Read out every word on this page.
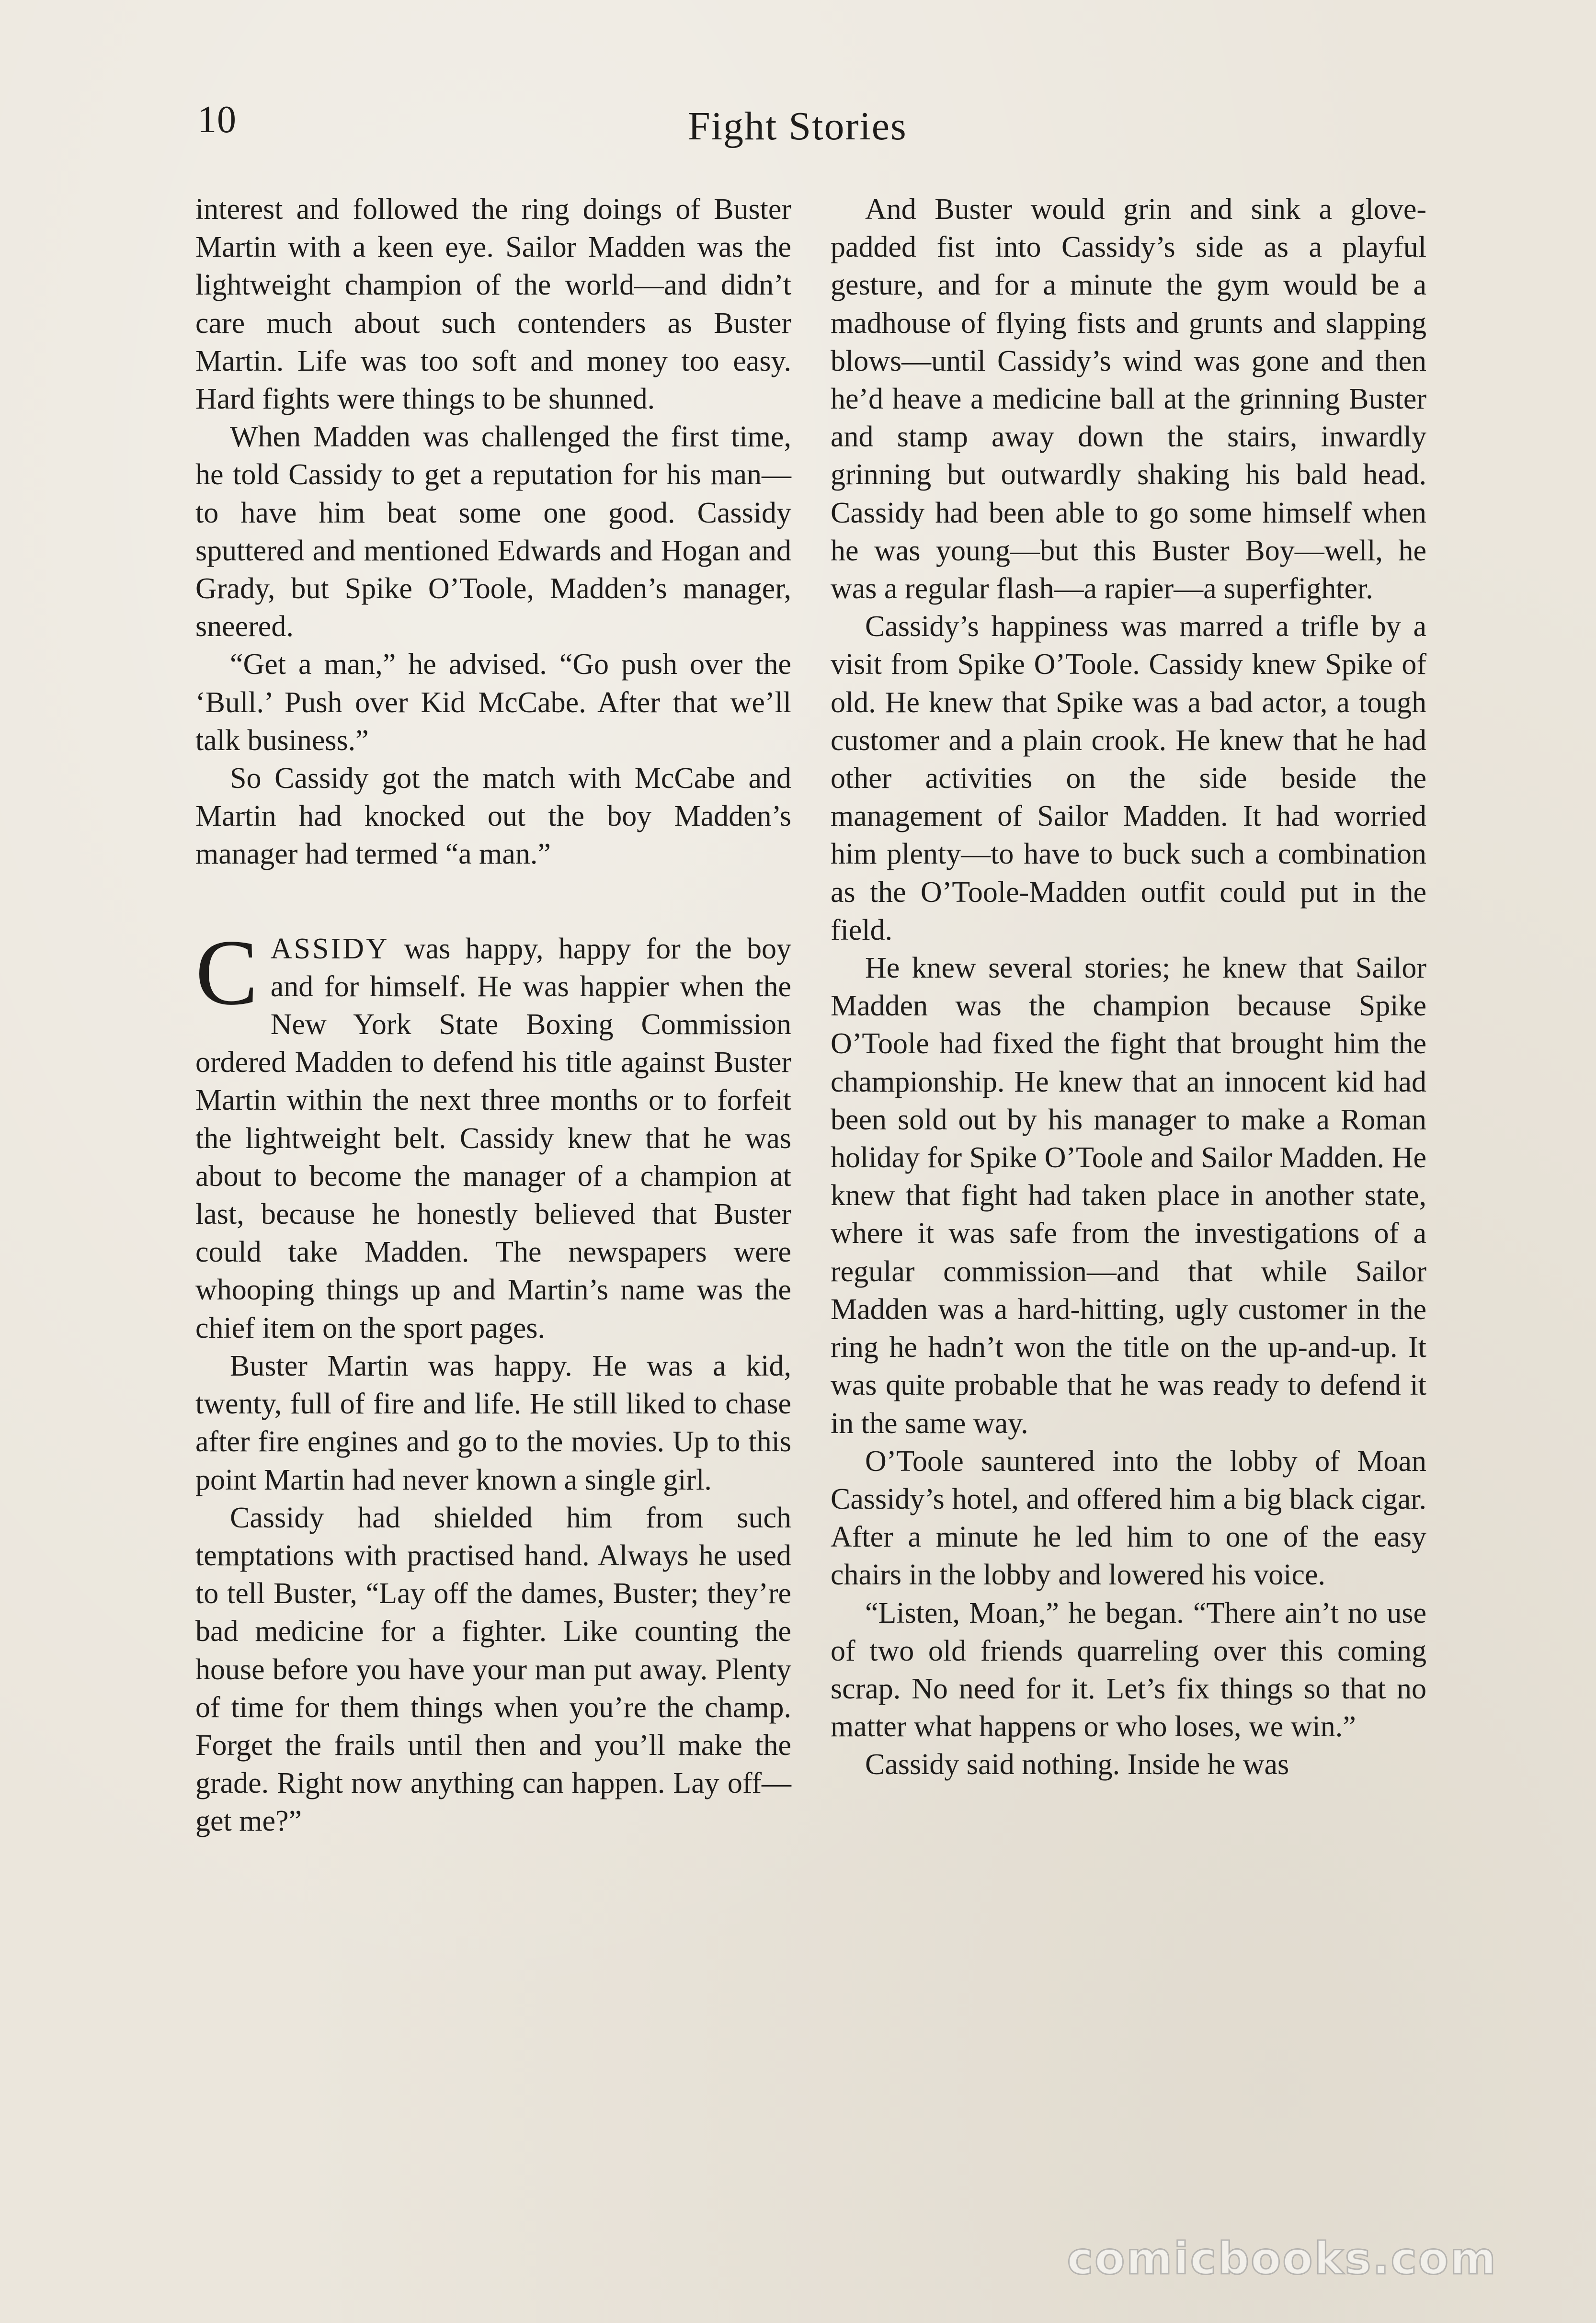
10	Fight Stories

interest and followed the ring doings of Buster Martin with a keen eye. Sailor Madden was the lightweight champion of the world—and didn’t care much about such contenders as Buster Martin. Life was too soft and money too easy. Hard fights were things to be shunned.

When Madden was challenged the first time, he told Cassidy to get a reputation for his man—to have him beat some one good. Cassidy sputtered and mentioned Edwards and Hogan and Grady, but Spike O’Toole, Madden’s manager, sneered.

“Get a man,” he advised. “Go push over the ‘Bull.’ Push over Kid McCabe. After that we’ll talk business.”

So Cassidy got the match with McCabe and Martin had knocked out the boy Madden’s manager had termed “a man.”

CASSIDY was happy, happy for the boy and for himself. He was happier when the New York State Boxing Commission ordered Madden to defend his title against Buster Martin within the next three months or to forfeit the lightweight belt. Cassidy knew that he was about to become the manager of a champion at last, because he honestly believed that Buster could take Madden. The newspapers were whooping things up and Martin’s name was the chief item on the sport pages.

Buster Martin was happy. He was a kid, twenty, full of fire and life. He still liked to chase after fire engines and go to the movies. Up to this point Martin had never known a single girl.

Cassidy had shielded him from such temptations with practised hand. Always he used to tell Buster, “Lay off the dames, Buster; they’re bad medicine for a fighter. Like counting the house before you have your man put away. Plenty of time for them things when you’re the champ. Forget the frails until then and you’ll make the grade. Right now anything can happen. Lay off—get me?”

And Buster would grin and sink a glove-padded fist into Cassidy’s side as a playful gesture, and for a minute the gym would be a madhouse of flying fists and grunts and slapping blows—until Cassidy’s wind was gone and then he’d heave a medicine ball at the grinning Buster and stamp away down the stairs, inwardly grinning but outwardly shaking his bald head. Cassidy had been able to go some himself when he was young—but this Buster Boy—well, he was a regular flash—a rapier—a superfighter.

Cassidy’s happiness was marred a trifle by a visit from Spike O’Toole. Cassidy knew Spike of old. He knew that Spike was a bad actor, a tough customer and a plain crook. He knew that he had other activities on the side beside the management of Sailor Madden. It had worried him plenty—to have to buck such a combination as the O’Toole-Madden outfit could put in the field.

He knew several stories; he knew that Sailor Madden was the champion because Spike O’Toole had fixed the fight that brought him the championship. He knew that an innocent kid had been sold out by his manager to make a Roman holiday for Spike O’Toole and Sailor Madden. He knew that fight had taken place in another state, where it was safe from the investigations of a regular commission—and that while Sailor Madden was a hard-hitting, ugly customer in the ring he hadn’t won the title on the up-and-up. It was quite probable that he was ready to defend it in the same way.

O’Toole sauntered into the lobby of Moan Cassidy’s hotel, and offered him a big black cigar. After a minute he led him to one of the easy chairs in the lobby and lowered his voice.

“Listen, Moan,” he began. “There ain’t no use of two old friends quarreling over this coming scrap. No need for it. Let’s fix things so that no matter what happens or who loses, we win.”

Cassidy said nothing. Inside he was

comicbooks.com
